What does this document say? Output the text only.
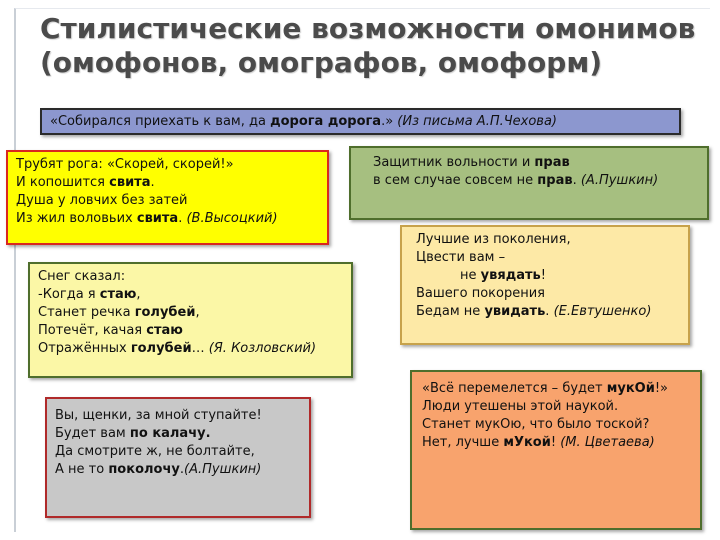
Стилистические возможности омонимов
(омофонов, омографов, омоформ)
«Собирался приехать к вам, да дорога дорога.» (Из письма А.П.Чехова)
Трубят рога: «Скорей, скорей!»
И копошится свита.
Душа у ловчих без затей
Из жил воловьих свита. (В.Высоцкий)
Защитник вольности и прав
в сем случае совсем не прав. (А.Пушкин)
Лучшие из поколения,
Цвести вам –
не увядать!
Вашего покорения
Бедам не увидать. (Е.Евтушенко)
Снег сказал:
-Когда я стаю,
Станет речка голубей,
Потечёт, качая стаю
Отражённых голубей… (Я. Козловский)
«Всё перемелется – будет мукОй!»
Люди утешены этой наукой.
Станет мукОю, что было тоской?
Нет, лучше мУкой! (М. Цветаева)
Вы, щенки, за мной ступайте!
Будет вам по калачу.
Да смотрите ж, не болтайте,
А не то поколочу.(А.Пушкин)
